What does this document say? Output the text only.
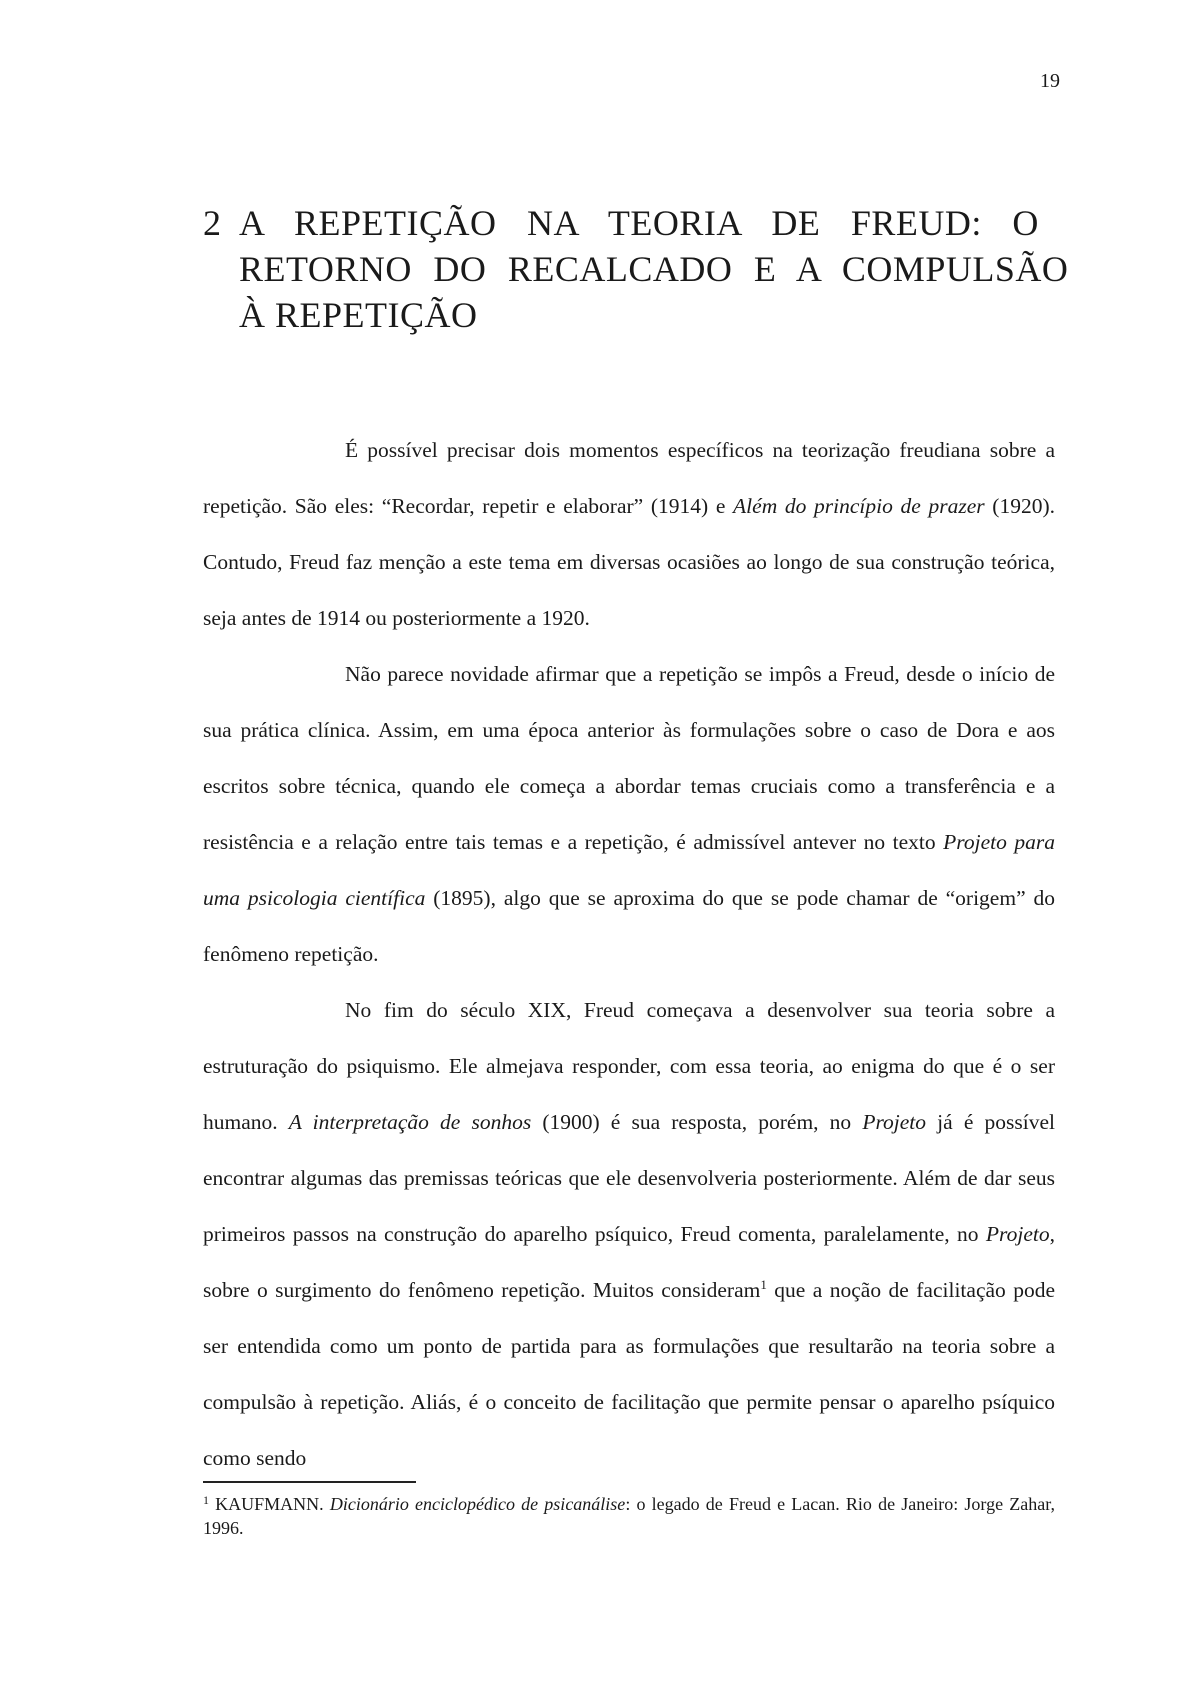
19
2 A REPETIÇÃO NA TEORIA DE FREUD: O
RETORNO DO RECALCADO E A COMPULSÃO
À REPETIÇÃO

É possível precisar dois momentos específicos na teorização freudiana sobre a repetição. São eles: “Recordar, repetir e elaborar” (1914) e Além do princípio de prazer (1920). Contudo, Freud faz menção a este tema em diversas ocasiões ao longo de sua construção teórica, seja antes de 1914 ou posteriormente a 1920.

Não parece novidade afirmar que a repetição se impôs a Freud, desde o início de sua prática clínica. Assim, em uma época anterior às formulações sobre o caso de Dora e aos escritos sobre técnica, quando ele começa a abordar temas cruciais como a transferência e a resistência e a relação entre tais temas e a repetição, é admissível antever no texto Projeto para uma psicologia científica (1895), algo que se aproxima do que se pode chamar de “origem” do fenômeno repetição.

No fim do século XIX, Freud começava a desenvolver sua teoria sobre a estruturação do psiquismo. Ele almejava responder, com essa teoria, ao enigma do que é o ser humano. A interpretação de sonhos (1900) é sua resposta, porém, no Projeto já é possível encontrar algumas das premissas teóricas que ele desenvolveria posteriormente. Além de dar seus primeiros passos na construção do aparelho psíquico, Freud comenta, paralelamente, no Projeto, sobre o surgimento do fenômeno repetição. Muitos consideram$^1$ que a noção de facilitação pode ser entendida como um ponto de partida para as formulações que resultarão na teoria sobre a compulsão à repetição. Aliás, é o conceito de facilitação que permite pensar o aparelho psíquico como sendo

$^1$ KAUFMANN. Dicionário enciclopédico de psicanálise: o legado de Freud e Lacan. Rio de Janeiro: Jorge Zahar, 1996.
